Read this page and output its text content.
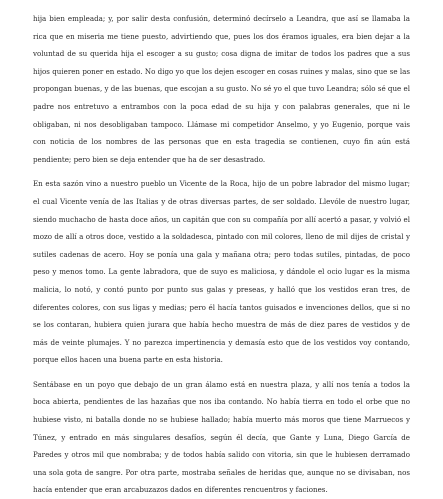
hija bien empleada; y, por salir desta confusión, determinó decírselo a Leandra, que así se llamaba la rica que en miseria me tiene puesto, advirtiendo que, pues los dos éramos iguales, era bien dejar a la voluntad de su querida hija el escoger a su gusto; cosa digna de imitar de todos los padres que a sus hijos quieren poner en estado. No digo yo que los dejen escoger en cosas ruines y malas, sino que se las propongan buenas, y de las buenas, que escojan a su gusto. No sé yo el que tuvo Leandra; sólo sé que el padre nos entretuvo a entrambos con la poca edad de su hija y con palabras generales, que ni le obligaban, ni nos desobligaban tampoco. Llámase mi competidor Anselmo, y yo Eugenio, porque vais con noticia de los nombres de las personas que en esta tragedia se contienen, cuyo fin aún está pendiente; pero bien se deja entender que ha de ser desastrado.

En esta sazón vino a nuestro pueblo un Vicente de la Roca, hijo de un pobre labrador del mismo lugar; el cual Vicente venía de las Italias y de otras diversas partes, de ser soldado. Llevóle de nuestro lugar, siendo muchacho de hasta doce años, un capitán que con su compañía por allí acertó a pasar, y volvió el mozo de allí a otros doce, vestido a la soldadesca, pintado con mil colores, lleno de mil dijes de cristal y sutiles cadenas de acero. Hoy se ponía una gala y mañana otra; pero todas sutiles, pintadas, de poco peso y menos tomo. La gente labradora, que de suyo es maliciosa, y dándole el ocio lugar es la misma malicia, lo notó, y contó punto por punto sus galas y preseas, y halló que los vestidos eran tres, de diferentes colores, con sus ligas y medias; pero él hacía tantos guisados e invenciones dellos, que si no se los contaran, hubiera quien jurara que había hecho muestra de más de diez pares de vestidos y de más de veinte plumajes. Y no parezca impertinencia y demasía esto que de los vestidos voy contando, porque ellos hacen una buena parte en esta historia.

Sentábase en un poyo que debajo de un gran álamo está en nuestra plaza, y allí nos tenía a todos la boca abierta, pendientes de las hazañas que nos iba contando. No había tierra en todo el orbe que no hubiese visto, ni batalla donde no se hubiese hallado; había muerto más moros que tiene Marruecos y Túnez, y entrado en más singulares desafíos, según él decía, que Gante y Luna, Diego García de Paredes y otros mil que nombraba; y de todos había salido con vitoria, sin que le hubiesen derramado una sola gota de sangre. Por otra parte, mostraba señales de heridas que, aunque no se divisaban, nos hacía entender que eran arcabuzazos dados en diferentes rencuentros y faciones.
